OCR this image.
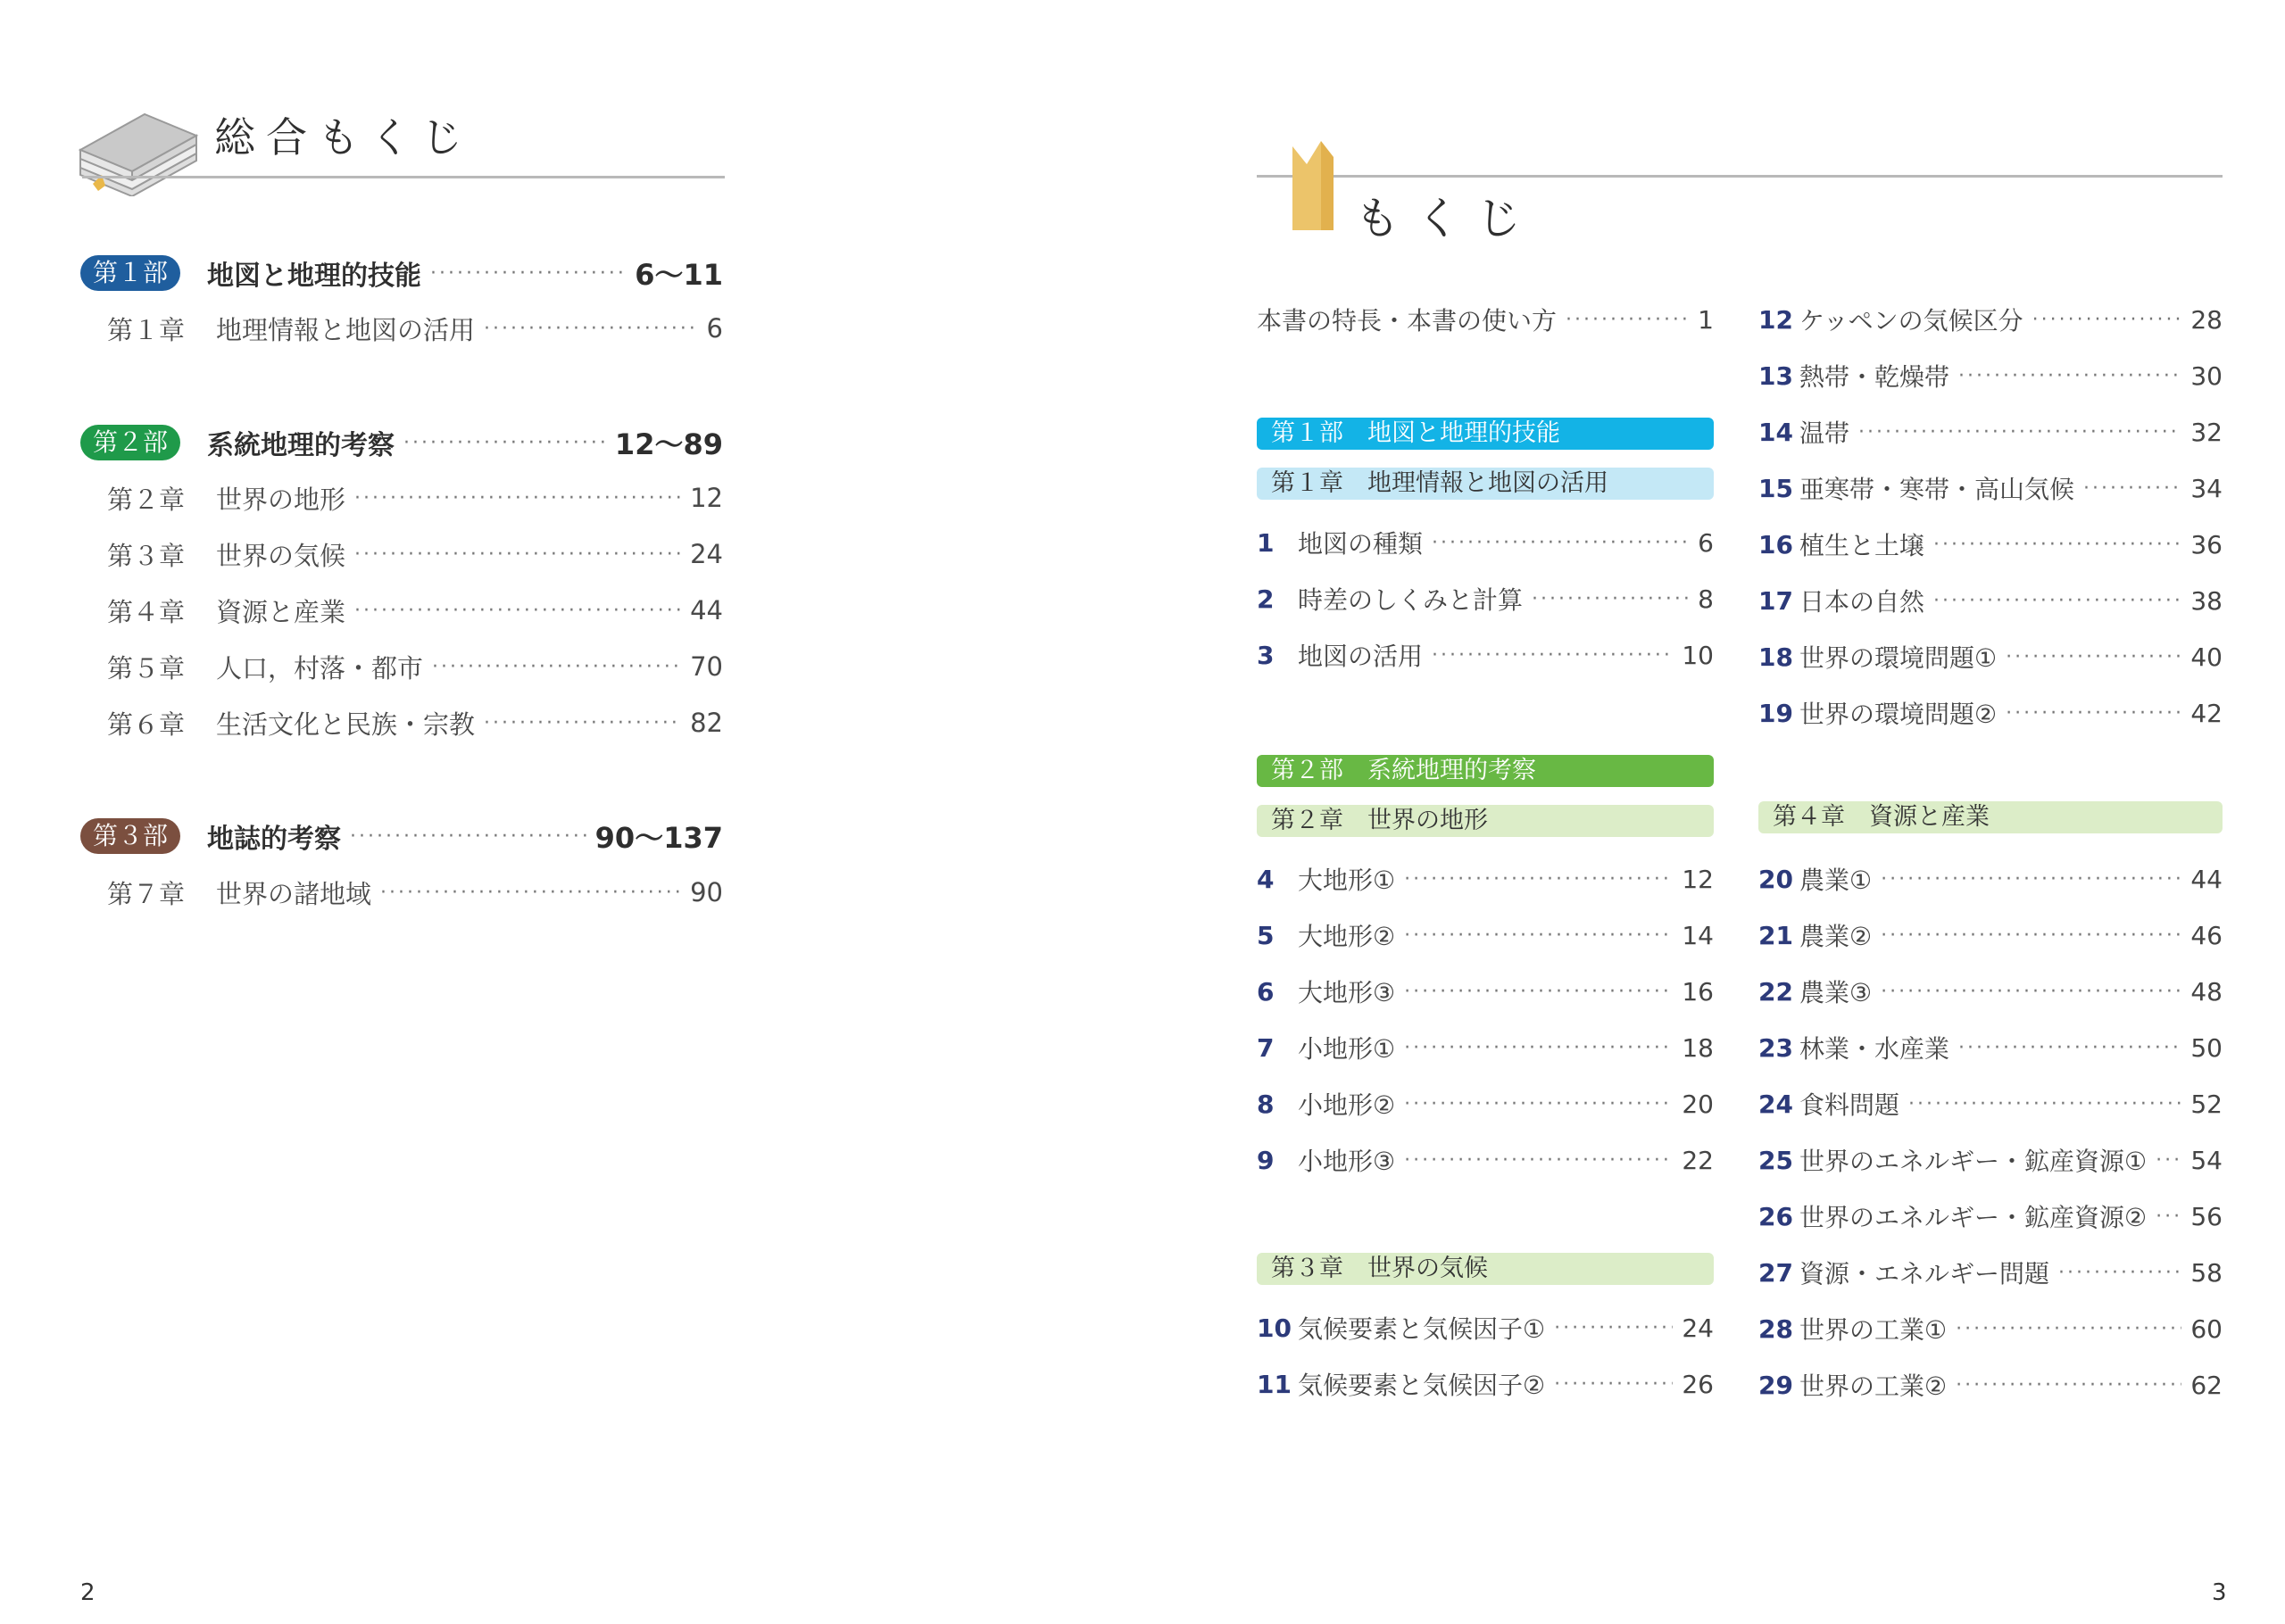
総合もくじ
第１部	地図と地理的技能 ·····	6〜11
第１章	地理情報と地図の活用 ·····	6
第２部	系統地理的考察 ·····	12〜89
第２章	世界の地形 ·····	12
第３章	世界の気候 ·····	24
第４章	資源と産業 ·····	44
第５章	人口，村落・都市 ·····	70
第６章	生活文化と民族・宗教 ·····	82
第３部	地誌的考察 ·····	90〜137
第７章	世界の諸地域 ·····	90
2
もくじ
本書の特長・本書の使い方 ·····	1
第１部　地図と地理的技能
第１章　地理情報と地図の活用
1 地図の種類 ·····	6
2 時差のしくみと計算 ·····	8
3 地図の活用 ·····	10
第２部　系統地理的考察
第２章　世界の地形
4 大地形① ·····	12
5 大地形② ·····	14
6 大地形③ ·····	16
7 小地形① ·····	18
8 小地形② ·····	20
9 小地形③ ·····	22
第３章　世界の気候
10 気候要素と気候因子① ·····	24
11 気候要素と気候因子② ·····	26
12 ケッペンの気候区分 ·····	28
13 熱帯・乾燥帯 ·····	30
14 温帯 ·····	32
15 亜寒帯・寒帯・高山気候 ·····	34
16 植生と土壌 ·····	36
17 日本の自然 ·····	38
18 世界の環境問題① ·····	40
19 世界の環境問題② ·····	42
第４章　資源と産業
20 農業① ·····	44
21 農業② ·····	46
22 農業③ ·····	48
23 林業・水産業 ·····	50
24 食料問題 ·····	52
25 世界のエネルギー・鉱産資源① ····· 54
26 世界のエネルギー・鉱産資源② ····· 56
27 資源・エネルギー問題 ·····	58
28 世界の工業① ·····	60
29 世界の工業② ·····	62
3
